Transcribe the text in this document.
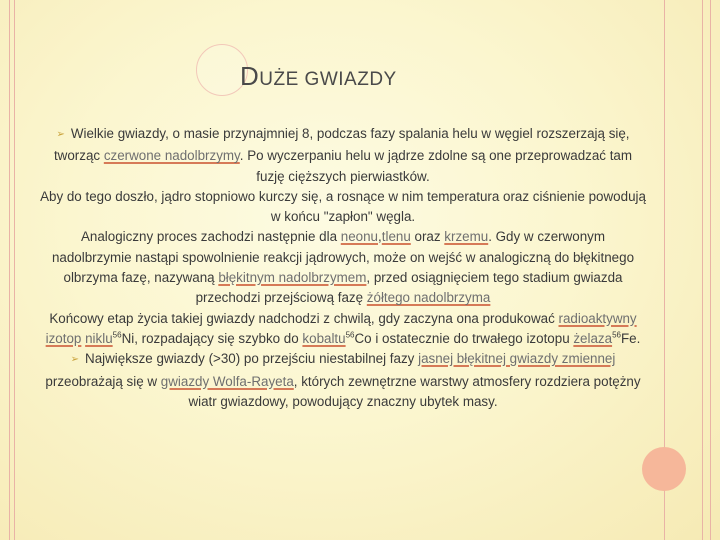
DUŻE GWIAZDY

➢ Wielkie gwiazdy, o masie przynajmniej 8, podczas fazy spalania helu w węgiel rozszerzają się, tworząc czerwone nadolbrzymy. Po wyczerpaniu helu w jądrze zdolne są one przeprowadzać tam fuzję cięższych pierwiastków.

Aby do tego doszło, jądro stopniowo kurczy się, a rosnące w nim temperatura oraz ciśnienie powodują w końcu "zapłon" węgla.

Analogiczny proces zachodzi następnie dla neonu,tlenu oraz krzemu. Gdy w czerwonym nadolbrzymie nastąpi spowolnienie reakcji jądrowych, może on wejść w analogiczną do błękitnego olbrzyma fazę, nazywaną błękitnym nadolbrzymem, przed osiągnięciem tego stadium gwiazda przechodzi przejściową fazę żółtego nadolbrzyma

Końcowy etap życia takiej gwiazdy nadchodzi z chwilą, gdy zaczyna ona produkować radioaktywny izotop niklu$^{56}$Ni, rozpadający się szybko do kobaltu$^{56}$Co i ostatecznie do trwałego izotopu żelaza$^{56}$Fe.

➢ Największe gwiazdy (>30) po przejściu niestabilnej fazy jasnej błękitnej gwiazdy zmiennej przeobrażają się w gwiazdy Wolfa-Rayeta, których zewnętrzne warstwy atmosfery rozdziera potężny wiatr gwiazdowy, powodujący znaczny ubytek masy.
